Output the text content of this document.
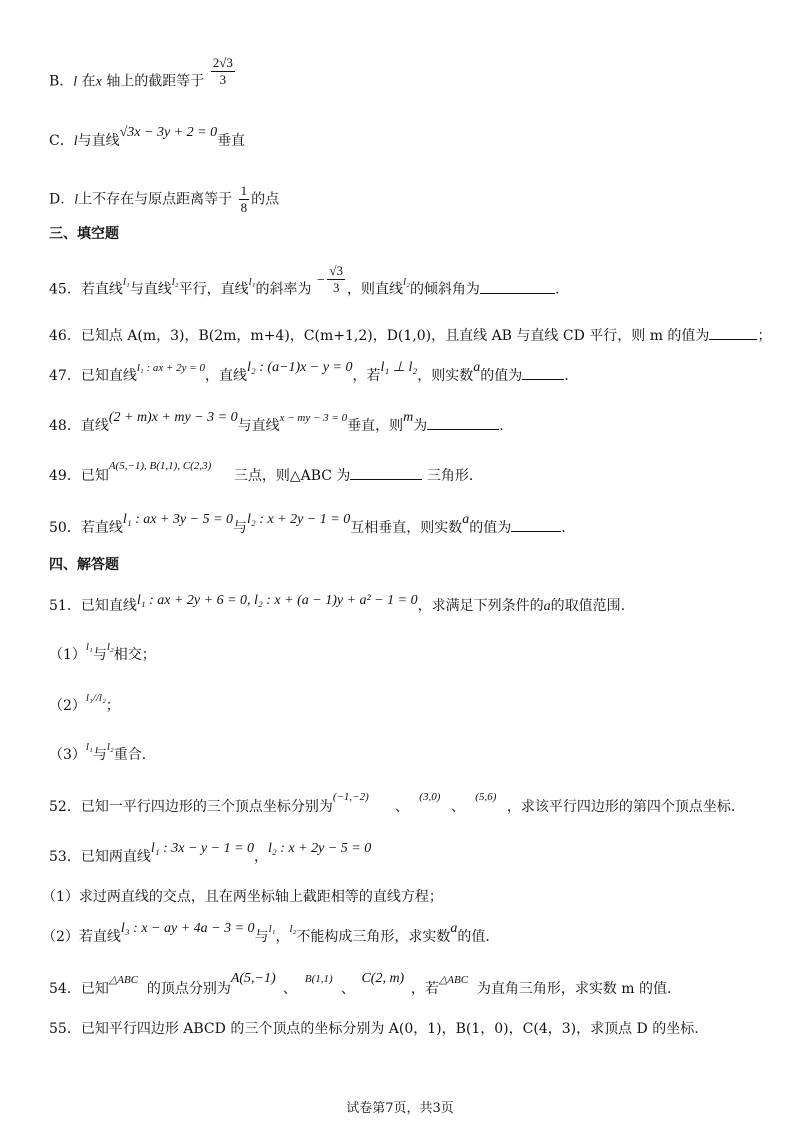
B．l 在x 轴上的截距等于 $\frac{2√3}{3}$
C．l与直线√3x − 3y + 2 = 0垂直
D．l上不存在与原点距离等于 $\frac{1}{8}$ 的点
三、填空题
45．若直线$^{l_1}$与直线$^{l_2}$平行，直线$^{l_1}$的斜率为 − $\frac{√3}{3}$ ，则直线$^{l_2}$的倾斜角为	.
46．已知点 A(m，3)，B(2m，m+4)，C(m+1,2)，D(1,0)，且直线 AB 与直线 CD 平行，则 m 的值为	；
47．已知直线$^{l_1 : ax + 2y = 0}$，直线l₂ : (a−1)x − y = 0，若l₁ ⊥ l₂，则实数a的值为	.
48．直线(2 + m)x + my − 3 = 0与直线$^{x - my - 3 = 0}$垂直，则m为	.
49．已知A(5,−1), B(1,1), C(2,3)三点，则△ABC 为	三角形.
50．若直线l₁ : ax + 3y − 5 = 0与l₂ : x + 2y − 1 = 0互相垂直，则实数a的值为	.
四、解答题
51．已知直线l₁ : ax + 2y + 6 = 0, l₂ : x + (a − 1)y + a² − 1 = 0，求满足下列条件的a的取值范围.
$(1)^{l_1}$与$^{l_2}$相交；
$(2)^{l_1//l_2}$；
$(3)^{l_1}$与$^{l_2}$重合.
52．已知一平行四边形的三个顶点坐标分别为(−1,−2)、(3,0)、(5,6)，求该平行四边形的第四个顶点坐标.
53．已知两直线l₁ : 3x − y − 1 = 0，l₂ : x + 2y − 5 = 0
（1）求过两直线的交点，且在两坐标轴上截距相等的直线方程；
（2）若直线l₃ : x − ay + 4a − 3 = 0与$^{l_1}$，$^{l_2}$不能构成三角形，求实数a的值.
54．已知△ABC的顶点分别为A(5,−1)、B(1,1)、C(2, m)，若△ABC为直角三角形，求实数 m 的值.
55．已知平行四边形 ABCD 的三个顶点的坐标分别为 A(0，1)，B(1，0)，C(4，3)，求顶点 D 的坐标.
试卷第7页，共3页
